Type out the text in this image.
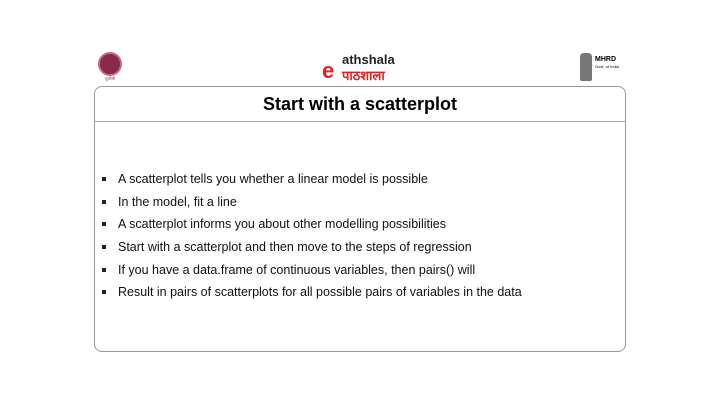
यूजीसी	e athshala
पाठशाला
MHRD
Govt. of India
Start with a scatterplot
A scatterplot tells you whether a linear model is possible
In the model, fit a line
A scatterplot informs you about other modelling possibilities
Start with a scatterplot and then move to the steps of regression
If you have a data.frame of continuous variables, then pairs() will
Result in pairs of scatterplots for all possible pairs of variables in the data
